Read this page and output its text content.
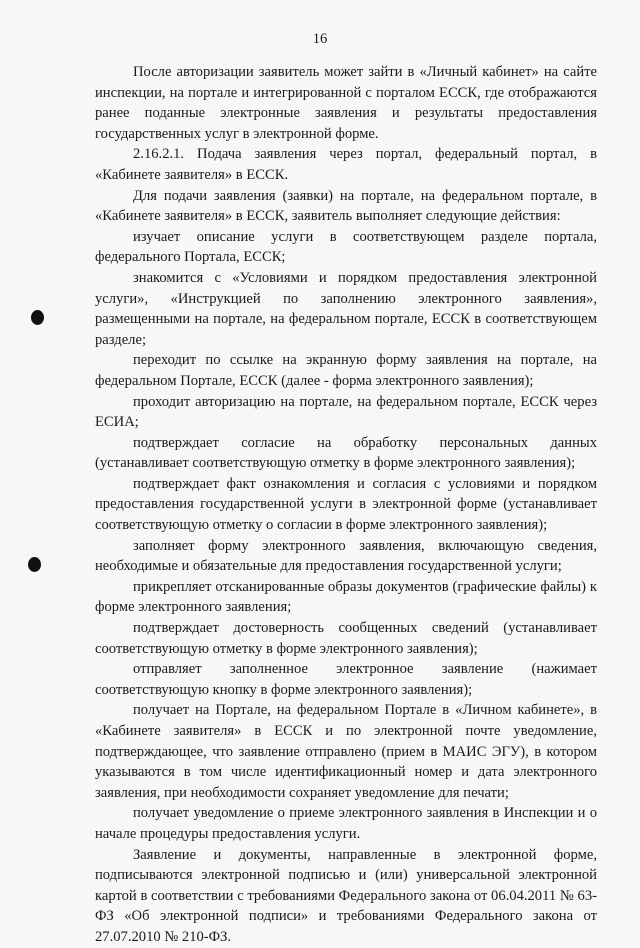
16

После авторизации заявитель может зайти в «Личный кабинет» на сайте инспекции, на портале и интегрированной с порталом ЕССК, где отображаются ранее поданные электронные заявления и результаты предоставления государственных услуг в электронной форме.

2.16.2.1. Подача заявления через портал, федеральный портал, в «Кабинете заявителя» в ЕССК.

Для подачи заявления (заявки) на портале, на федеральном портале, в «Кабинете заявителя» в ЕССК, заявитель выполняет следующие действия:

изучает описание услуги в соответствующем разделе портала, федерального Портала, ЕССК;

знакомится с «Условиями и порядком предоставления электронной услуги», «Инструкцией по заполнению электронного заявления», размещенными на портале, на федеральном портале, ЕССК в соответствующем разделе;

переходит по ссылке на экранную форму заявления на портале, на федеральном Портале, ЕССК (далее - форма электронного заявления);

проходит авторизацию на портале, на федеральном портале, ЕССК через ЕСИА;

подтверждает согласие на обработку персональных данных (устанавливает соответствующую отметку в форме электронного заявления);

подтверждает факт ознакомления и согласия с условиями и порядком предоставления государственной услуги в электронной форме (устанавливает соответствующую отметку о согласии в форме электронного заявления);

заполняет форму электронного заявления, включающую сведения, необходимые и обязательные для предоставления государственной услуги;

прикрепляет отсканированные образы документов (графические файлы) к форме электронного заявления;

подтверждает достоверность сообщенных сведений (устанавливает соответствующую отметку в форме электронного заявления);

отправляет заполненное электронное заявление (нажимает соответствующую кнопку в форме электронного заявления);

получает на Портале, на федеральном Портале в «Личном кабинете», в «Кабинете заявителя» в ЕССК и по электронной почте уведомление, подтверждающее, что заявление отправлено (прием в МАИС ЭГУ), в котором указываются в том числе идентификационный номер и дата электронного заявления, при необходимости сохраняет уведомление для печати;

получает уведомление о приеме электронного заявления в Инспекции и о начале процедуры предоставления услуги.

Заявление и документы, направленные в электронной форме, подписываются электронной подписью и (или) универсальной электронной картой в соответствии с требованиями Федерального закона от 06.04.2011 № 63-ФЗ «Об электронной подписи» и требованиями Федерального закона от 27.07.2010 № 210-ФЗ.
